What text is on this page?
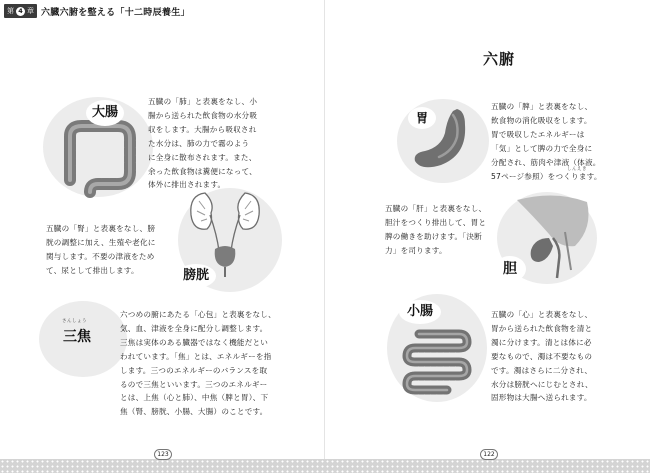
第 4 章 六臓六腑を整える「十二時辰養生」
六腑
大腸
五臓の「肺」と表裏をなし、小
腸から送られた飲食物の水分吸
収をします。大腸から吸収され
た水分は、肺の力で霧のよう
に全身に散布されます。また、
余った飲食物は糞便になって、
体外に排出されます。
五臓の「腎」と表裏をなし、膀
胱の調整に加え、生殖や老化に
関与します。不要の津液をため
て、尿として排出します。	膀胱
さんしょう
三焦
六つめの腑にあたる「心包」と表裏をなし、
気、血、津液を全身に配分し調整します。
三焦は実体のある臓器ではなく機能だとい
われています。「焦」とは、エネルギーを指
します。三つのエネルギーのバランスを取
るので三焦といいます。三つのエネルギー
とは、上焦（心と肺）、中焦（脾と胃）、下
焦（腎、膀胱、小腸、大腸）のことです。
胃
五臓の「脾」と表裏をなし、
飲食物の消化吸収をします。
胃で吸収したエネルギーは
「気」として脾の力で全身に
分配され、筋肉や津液（体液。
57ページ参照）をつくります。
しんえき
五臓の「肝」と表裏をなし、
胆汁をつくり排出して、胃と
脾の働きを助けます。「決断
力」を司ります。
胆
小腸	五臓の「心」と表裏をなし、
胃から送られた飲食物を清と
濁に分けます。清とは体に必
要なもので、濁は不要なもの
です。濁はさらに二分され、
水分は膀胱へにじむとされ、
固形物は大腸へ送られます。
123	122
